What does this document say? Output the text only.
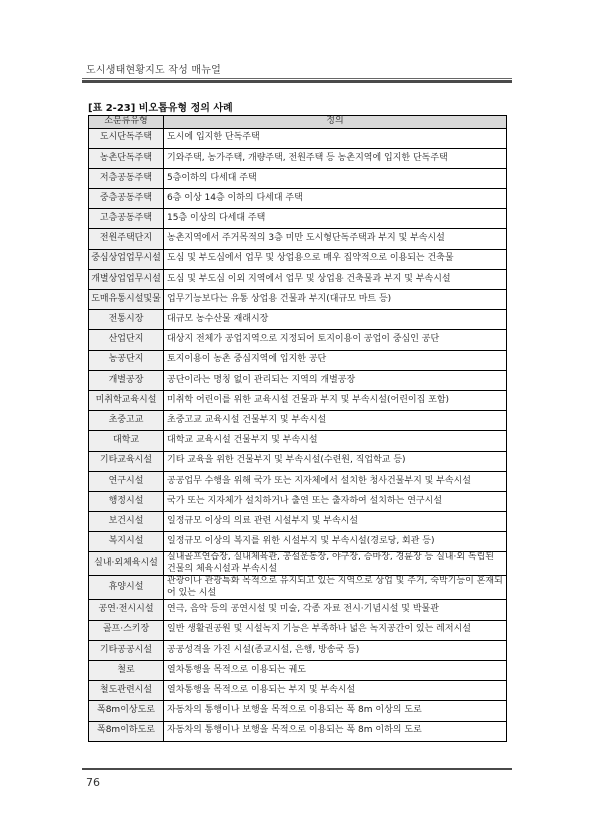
도시생태현황지도 작성 매뉴얼
[표 2-23] 비오톱유형 정의 사례
소분류유형	정의
도시단독주택	도시에 입지한 단독주택
농촌단독주택	기와주택, 농가주택, 개량주택, 전원주택 등 농촌지역에 입지한 단독주택
저층공동주택	5층이하의 다세대 주택
중층공동주택	6층 이상 14층 이하의 다세대 주택
고층공동주택	15층 이상의 다세대 주택
전원주택단지	농촌지역에서 주거목적의 3층 미만 도시형단독주택과 부지 및 부속시설
중심상업업무시설	도심 및 부도심에서 업무 및 상업용으로 매우 집약적으로 이용되는 건축물
개별상업업무시설	도심 및 부도심 이외 지역에서 업무 및 상업용 건축물과 부지 및 부속시설
도매유통시설및물	업무기능보다는 유통 상업용 건물과 부지(대규모 마트 등)
전통시장	대규모 농수산물 재래시장
산업단지	대상지 전체가 공업지역으로 지정되어 토지이용이 공업이 중심인 공단
농공단지	토지이용이 농촌 중심지역에 입지한 공단
개별공장	공단이라는 명칭 없이 관리되는 지역의 개별공장
미취학교육시설	미취학 어린이를 위한 교육시설 건물과 부지 및 부속시설(어린이집 포함)
초중고교	초중고교 교육시설 건물부지 및 부속시설
대학교	대학교 교육시설 건물부지 및 부속시설
기타교육시설	기타 교육을 위한 건물부지 및 부속시설(수련원, 직업학교 등)
연구시설	공공업무 수행을 위해 국가 또는 지자체에서 설치한 청사건물부지 및 부속시설
행정시설	국가 또는 지자체가 설치하거나 출연 또는 출자하여 설치하는 연구시설
보건시설	일정규모 이상의 의료 관련 시설부지 및 부속시설
복지시설	일정규모 이상의 복지를 위한 시설부지 및 부속시설(경로당, 회관 등)
실내·외체육시설	실내골프연습장, 실내체육관, 공설운동장, 야구장, 승마장, 경륜장 등 실내·외 독립된 건물의 체육시설과 부속시설
휴양시설	관광이나 관광특화 목적으로 유지되고 있는 지역으로 상업 및 주거, 숙박기능이 혼재되어 있는 시설
공연·전시시설	연극, 음악 등의 공연시설 및 미술, 각종 자료 전시·기념시설 및 박물관
골프·스키장	일반 생활권공원 및 시설녹지 기능은 부족하나 넓은 녹지공간이 있는 레저시설
기타공공시설	공공성격을 가진 시설(종교시설, 은행, 방송국 등)
철로	열차통행을 목적으로 이용되는 궤도
철도관련시설	열차통행을 목적으로 이용되는 부지 및 부속시설
폭8m이상도로	자동차의 통행이나 보행을 목적으로 이용되는 폭 8m 이상의 도로
폭8m이하도로	자동차의 통행이나 보행을 목적으로 이용되는 폭 8m 이하의 도로
76
